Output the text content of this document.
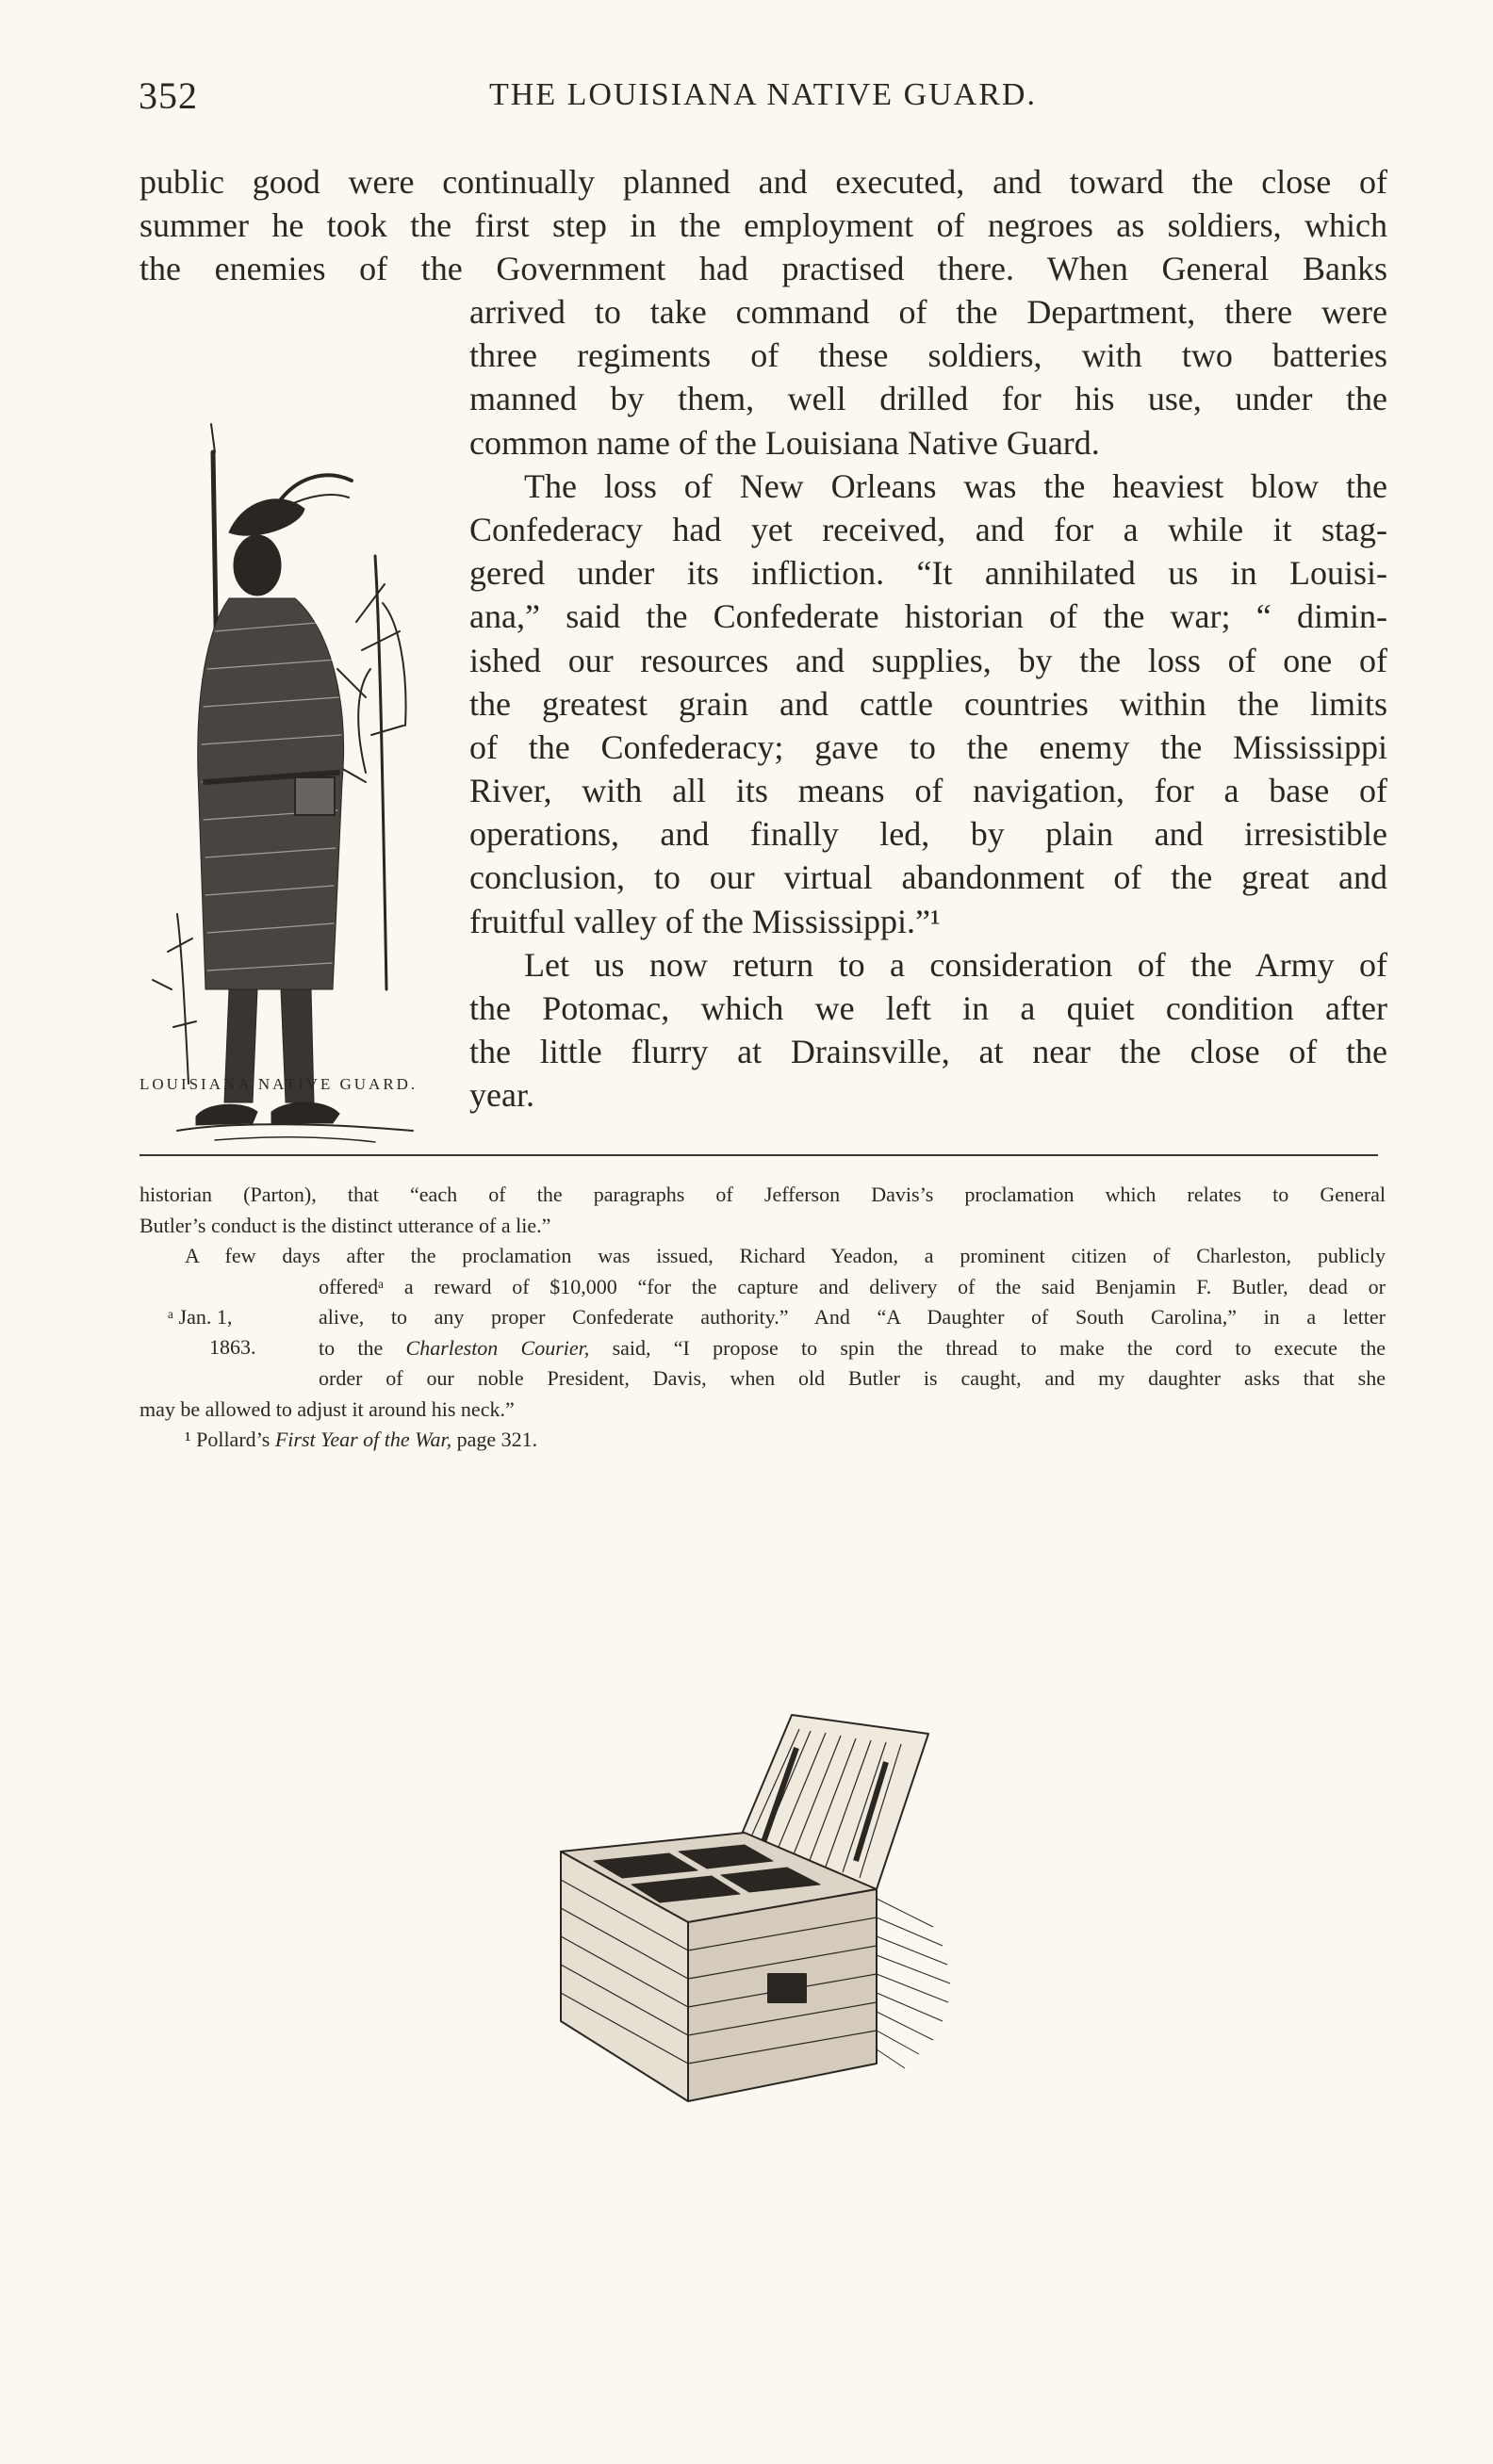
352	THE LOUISIANA NATIVE GUARD.
public good were continually planned and executed, and toward the close of
summer he took the first step in the employment of negroes as soldiers, which
the enemies of the Government had practised there. When General Banks
LOUISIANA NATIVE GUARD.
arrived to take command of the Department, there were
three regiments of these soldiers, with two batteries
manned by them, well drilled for his use, under the
common name of the Louisiana Native Guard.
The loss of New Orleans was the heaviest blow the
Confederacy had yet received, and for a while it stag-
gered under its infliction. “It annihilated us in Louisi-
ana,” said the Confederate historian of the war; “ dimin-
ished our resources and supplies, by the loss of one of
the greatest grain and cattle countries within the limits
of the Confederacy; gave to the enemy the Mississippi
River, with all its means of navigation, for a base of
operations, and finally led, by plain and irresistible
conclusion, to our virtual abandonment of the great and
fruitful valley of the Mississippi.”¹
Let us now return to a consideration of the Army of
the Potomac, which we left in a quiet condition after
the little flurry at Drainsville, at near the close of the
year.
historian (Parton), that “each of the paragraphs of Jefferson Davis’s proclamation which relates to General
Butler’s conduct is the distinct utterance of a lie.”
A few days after the proclamation was issued, Richard Yeadon, a prominent citizen of Charleston, publicly
offeredᵃ a reward of $10,000 “for the capture and delivery of the said Benjamin F. Butler, dead or
alive, to any proper Confederate authority.” And “A Daughter of South Carolina,” in a letter
to the Charleston Courier, said, “I propose to spin the thread to make the cord to execute the
order of our noble President, Davis, when old Butler is caught, and my daughter asks that she
may be allowed to adjust it around his neck.”
¹ Pollard’s First Year of the War, page 321.
ᵃ Jan. 1,
1863.
